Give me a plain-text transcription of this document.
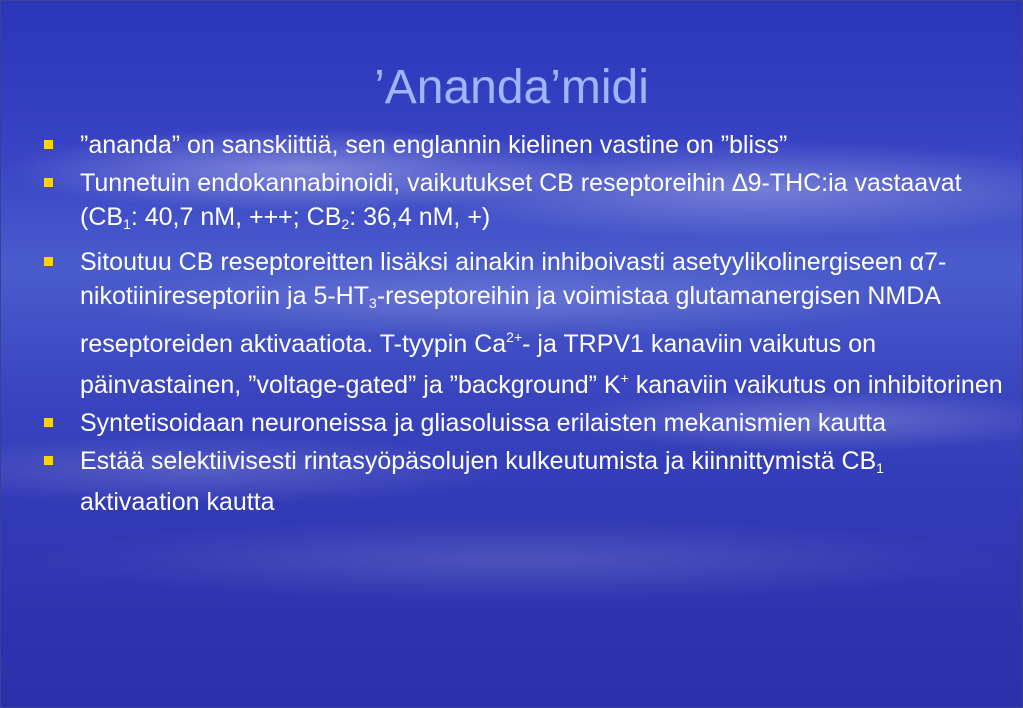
’Ananda’midi
”ananda” on sanskiittiä, sen englannin kielinen vastine on ”bliss”
Tunnetuin endokannabinoidi, vaikutukset CB reseptoreihin ∆9-THC:ia vastaavat ($CB_1$: 40,7 nM, +++; $CB_2$: 36,4 nM, +)
Sitoutuu CB reseptoreitten lisäksi ainakin inhiboivasti asetyylikolinergiseen α7-nikotiinireseptoriin ja $5-HT_3$-reseptoreihin ja voimistaa glutamanergisen NMDA reseptoreiden aktivaatiota. T-tyypin $Ca^{2+}-$ ja TRPV1 kanaviin vaikutus on päinvastainen, ”voltage-gated” ja ”background” K+ kanaviin vaikutus on inhibitorinen
Syntetisoidaan neuroneissa ja gliasoluissa erilaisten mekanismien kautta
Estää selektiivisesti rintasyöpäsolujen kulkeutumista ja kiinnittymistä $CB_1$ aktivaation kautta
